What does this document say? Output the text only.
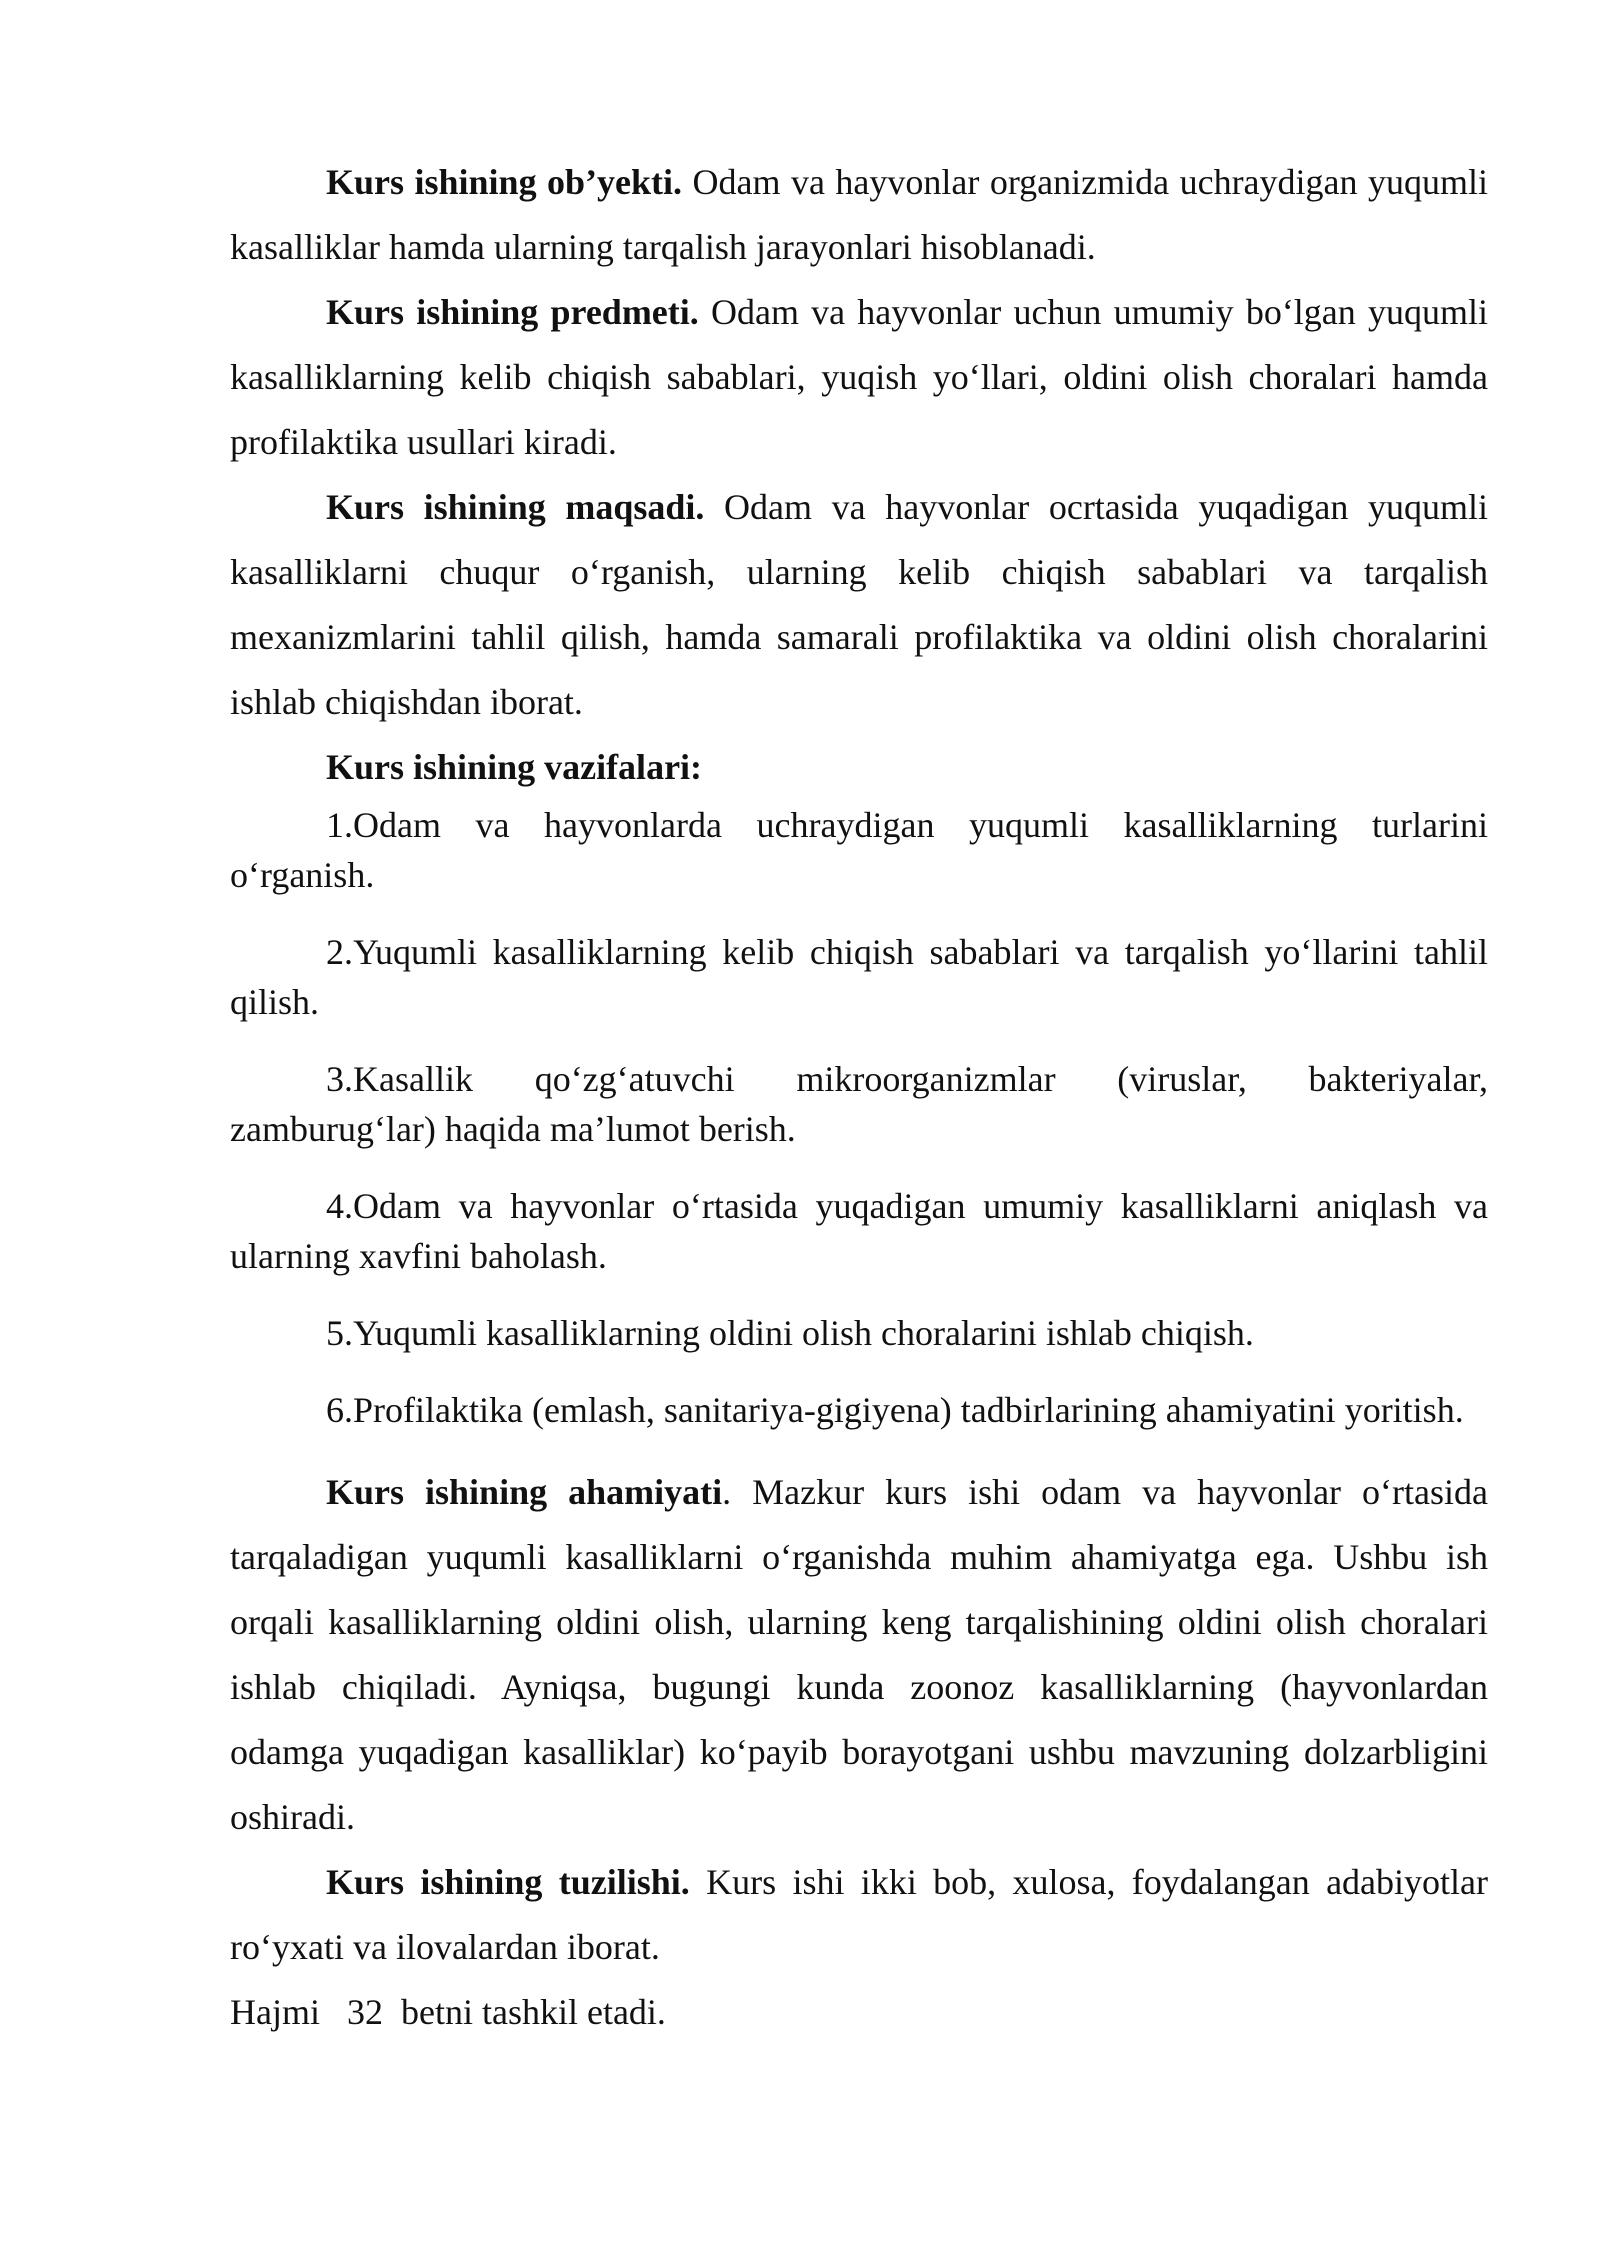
Kurs ishining ob’yekti. Odam va hayvonlar organizmida uchraydigan yuqumli kasalliklar hamda ularning tarqalish jarayonlari hisoblanadi.

Kurs ishining predmeti. Odam va hayvonlar uchun umumiy bo‘lgan yuqumli kasalliklarning kelib chiqish sabablari, yuqish yo‘llari, oldini olish choralari hamda profilaktika usullari kiradi.

Kurs ishining maqsadi. Odam va hayvonlar ocrtasida yuqadigan yuqumli kasalliklarni chuqur o‘rganish, ularning kelib chiqish sabablari va tarqalish mexanizmlarini tahlil qilish, hamda samarali profilaktika va oldini olish choralarini ishlab chiqishdan iborat.

Kurs ishining vazifalari:

1.Odam va hayvonlarda uchraydigan yuqumli kasalliklarning turlarini o‘rganish.

2.Yuqumli kasalliklarning kelib chiqish sabablari va tarqalish yo‘llarini tahlil qilish.

3.Kasallik qo‘zg‘atuvchi mikroorganizmlar (viruslar, bakteriyalar, zamburug‘lar) haqida ma’lumot berish.

4.Odam va hayvonlar o‘rtasida yuqadigan umumiy kasalliklarni aniqlash va ularning xavfini baholash.

5.Yuqumli kasalliklarning oldini olish choralarini ishlab chiqish.

6.Profilaktika (emlash, sanitariya-gigiyena) tadbirlarining ahamiyatini yoritish.

Kurs ishining ahamiyati. Mazkur kurs ishi odam va hayvonlar o‘rtasida tarqaladigan yuqumli kasalliklarni o‘rganishda muhim ahamiyatga ega. Ushbu ish orqali kasalliklarning oldini olish, ularning keng tarqalishining oldini olish choralari ishlab chiqiladi. Ayniqsa, bugungi kunda zoonoz kasalliklarning (hayvonlardan odamga yuqadigan kasalliklar) ko‘payib borayotgani ushbu mavzuning dolzarbligini oshiradi.

Kurs ishining tuzilishi. Kurs ishi ikki bob, xulosa, foydalangan adabiyotlar ro‘yxati va ilovalardan iborat.

Hajmi   32  betni tashkil etadi.
